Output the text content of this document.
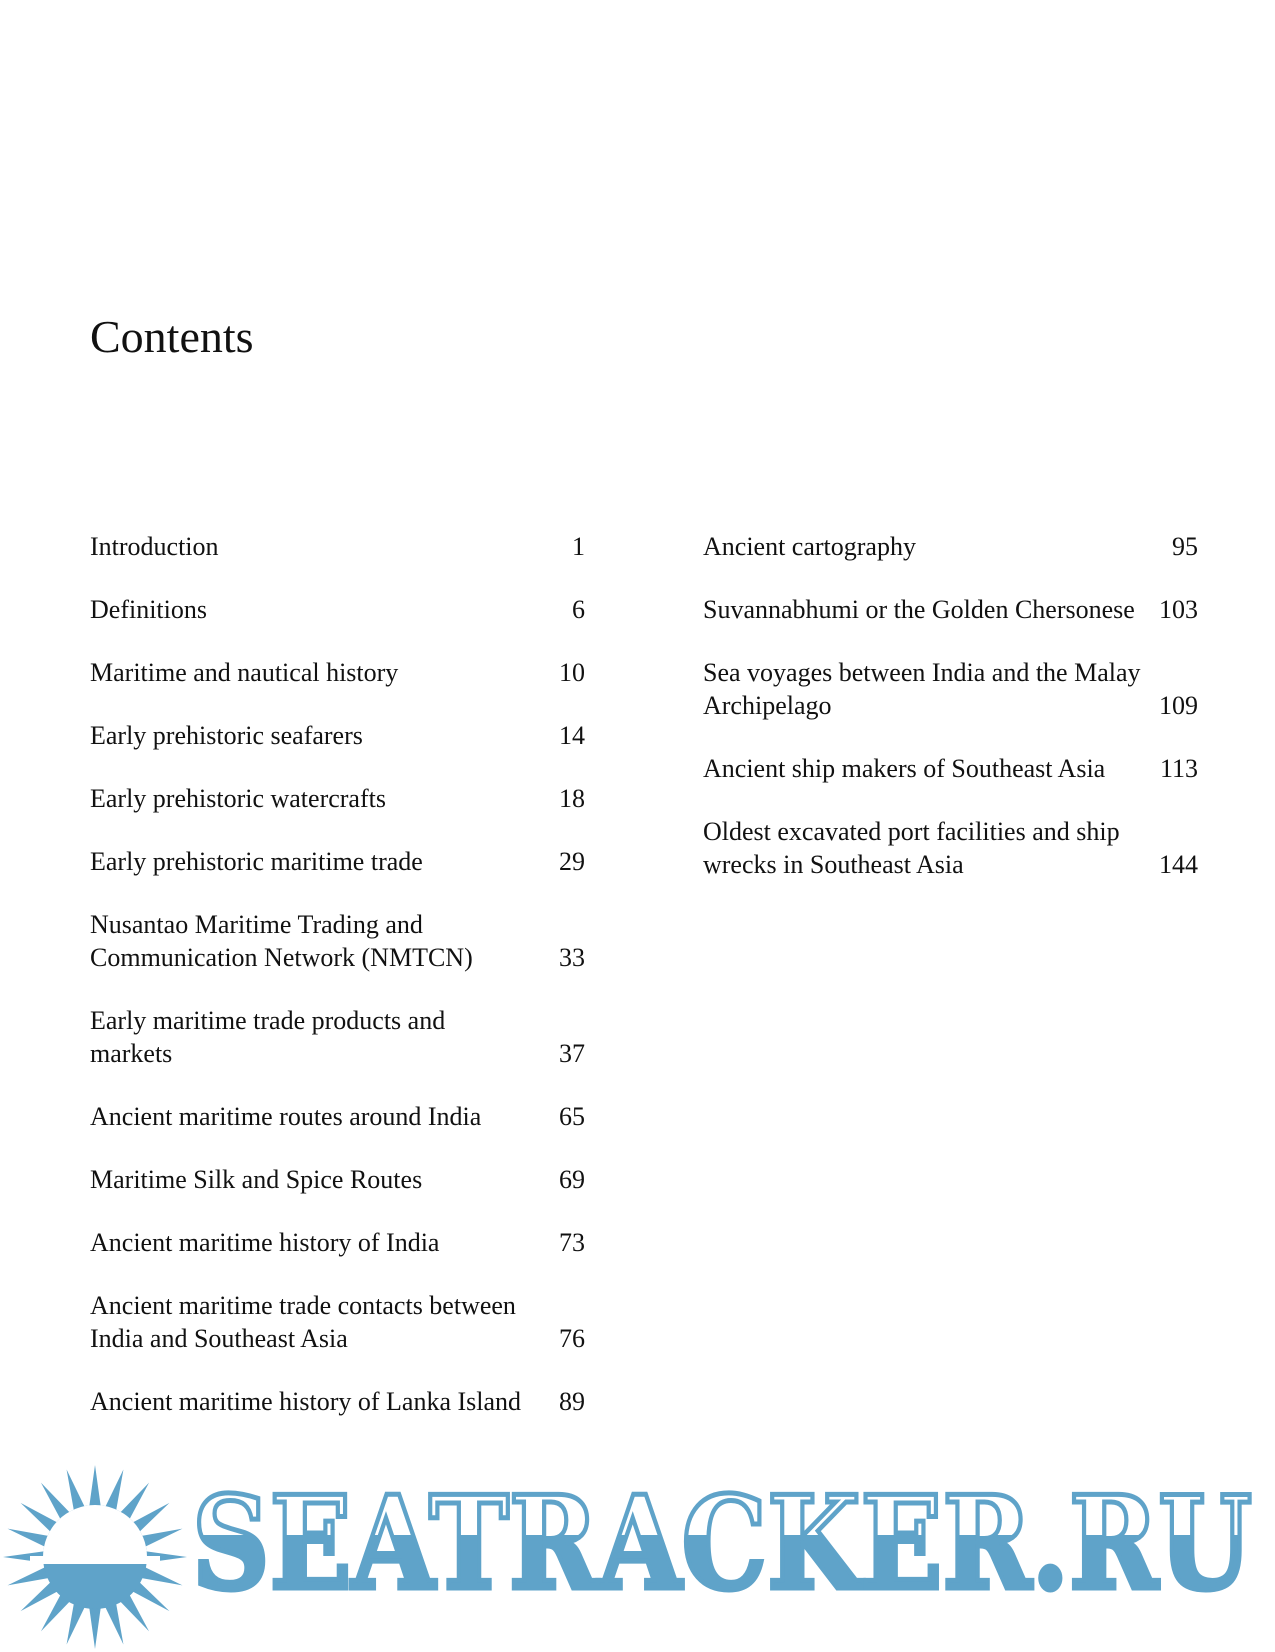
Contents
Introduction	1
Definitions	6
Maritime and nautical history	10
Early prehistoric seafarers	14
Early prehistoric watercrafts	18
Early prehistoric maritime trade	29
Nusantao Maritime Trading and Communication Network (NMTCN)	33
Early maritime trade products and markets	37
Ancient maritime routes around India	65
Maritime Silk and Spice Routes	69
Ancient maritime history of India	73
Ancient maritime trade contacts between India and Southeast Asia	76
Ancient maritime history of Lanka Island	89
Ancient cartography	95
Suvannabhumi or the Golden Chersonese 103
Sea voyages between India and the Malay Archipelago	109
Ancient ship makers of Southeast Asia 113
Oldest excavated port facilities and ship wrecks in Southeast Asia	144
SEATRACKER.RU
